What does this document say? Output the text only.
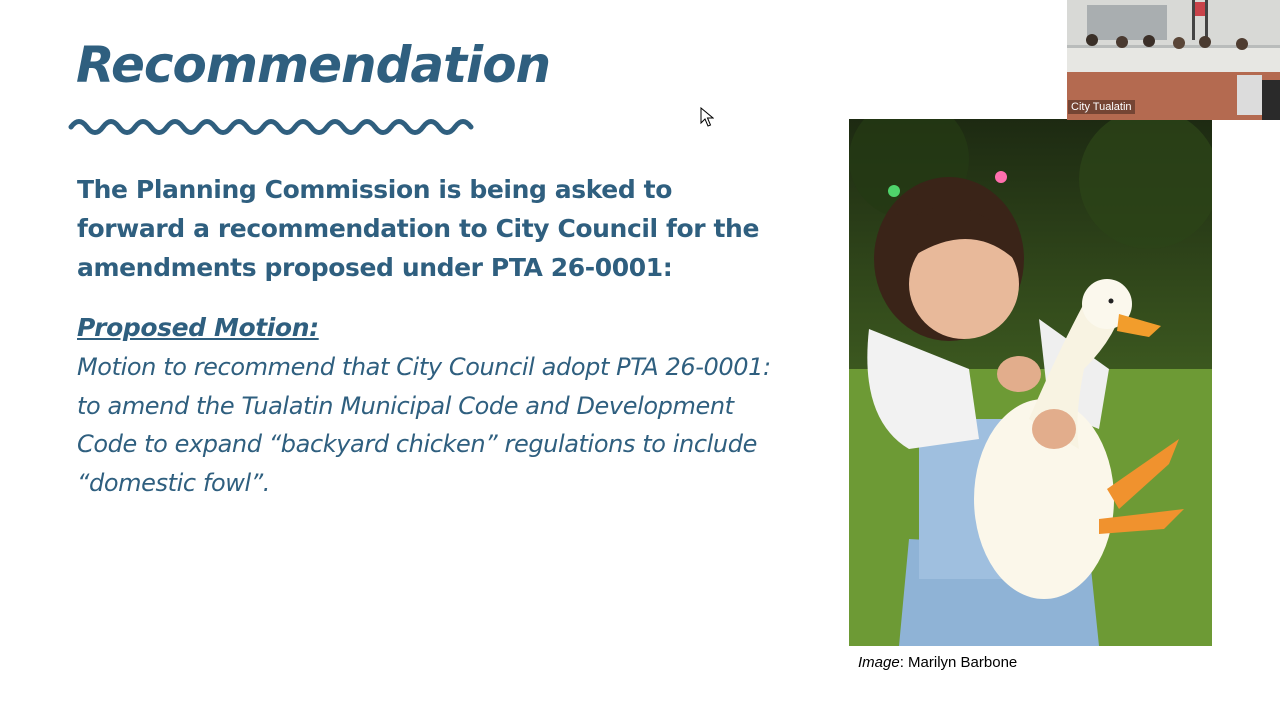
Recommendation

The Planning Commission is being asked to forward a recommendation to City Council for the amendments proposed under PTA 26-0001:

Proposed Motion:

Motion to recommend that City Council adopt PTA 26-0001: to amend the Tualatin Municipal Code and Development Code to expand “backyard chicken” regulations to include “domestic fowl”.

Image: Marilyn Barbone
City Tualatin
